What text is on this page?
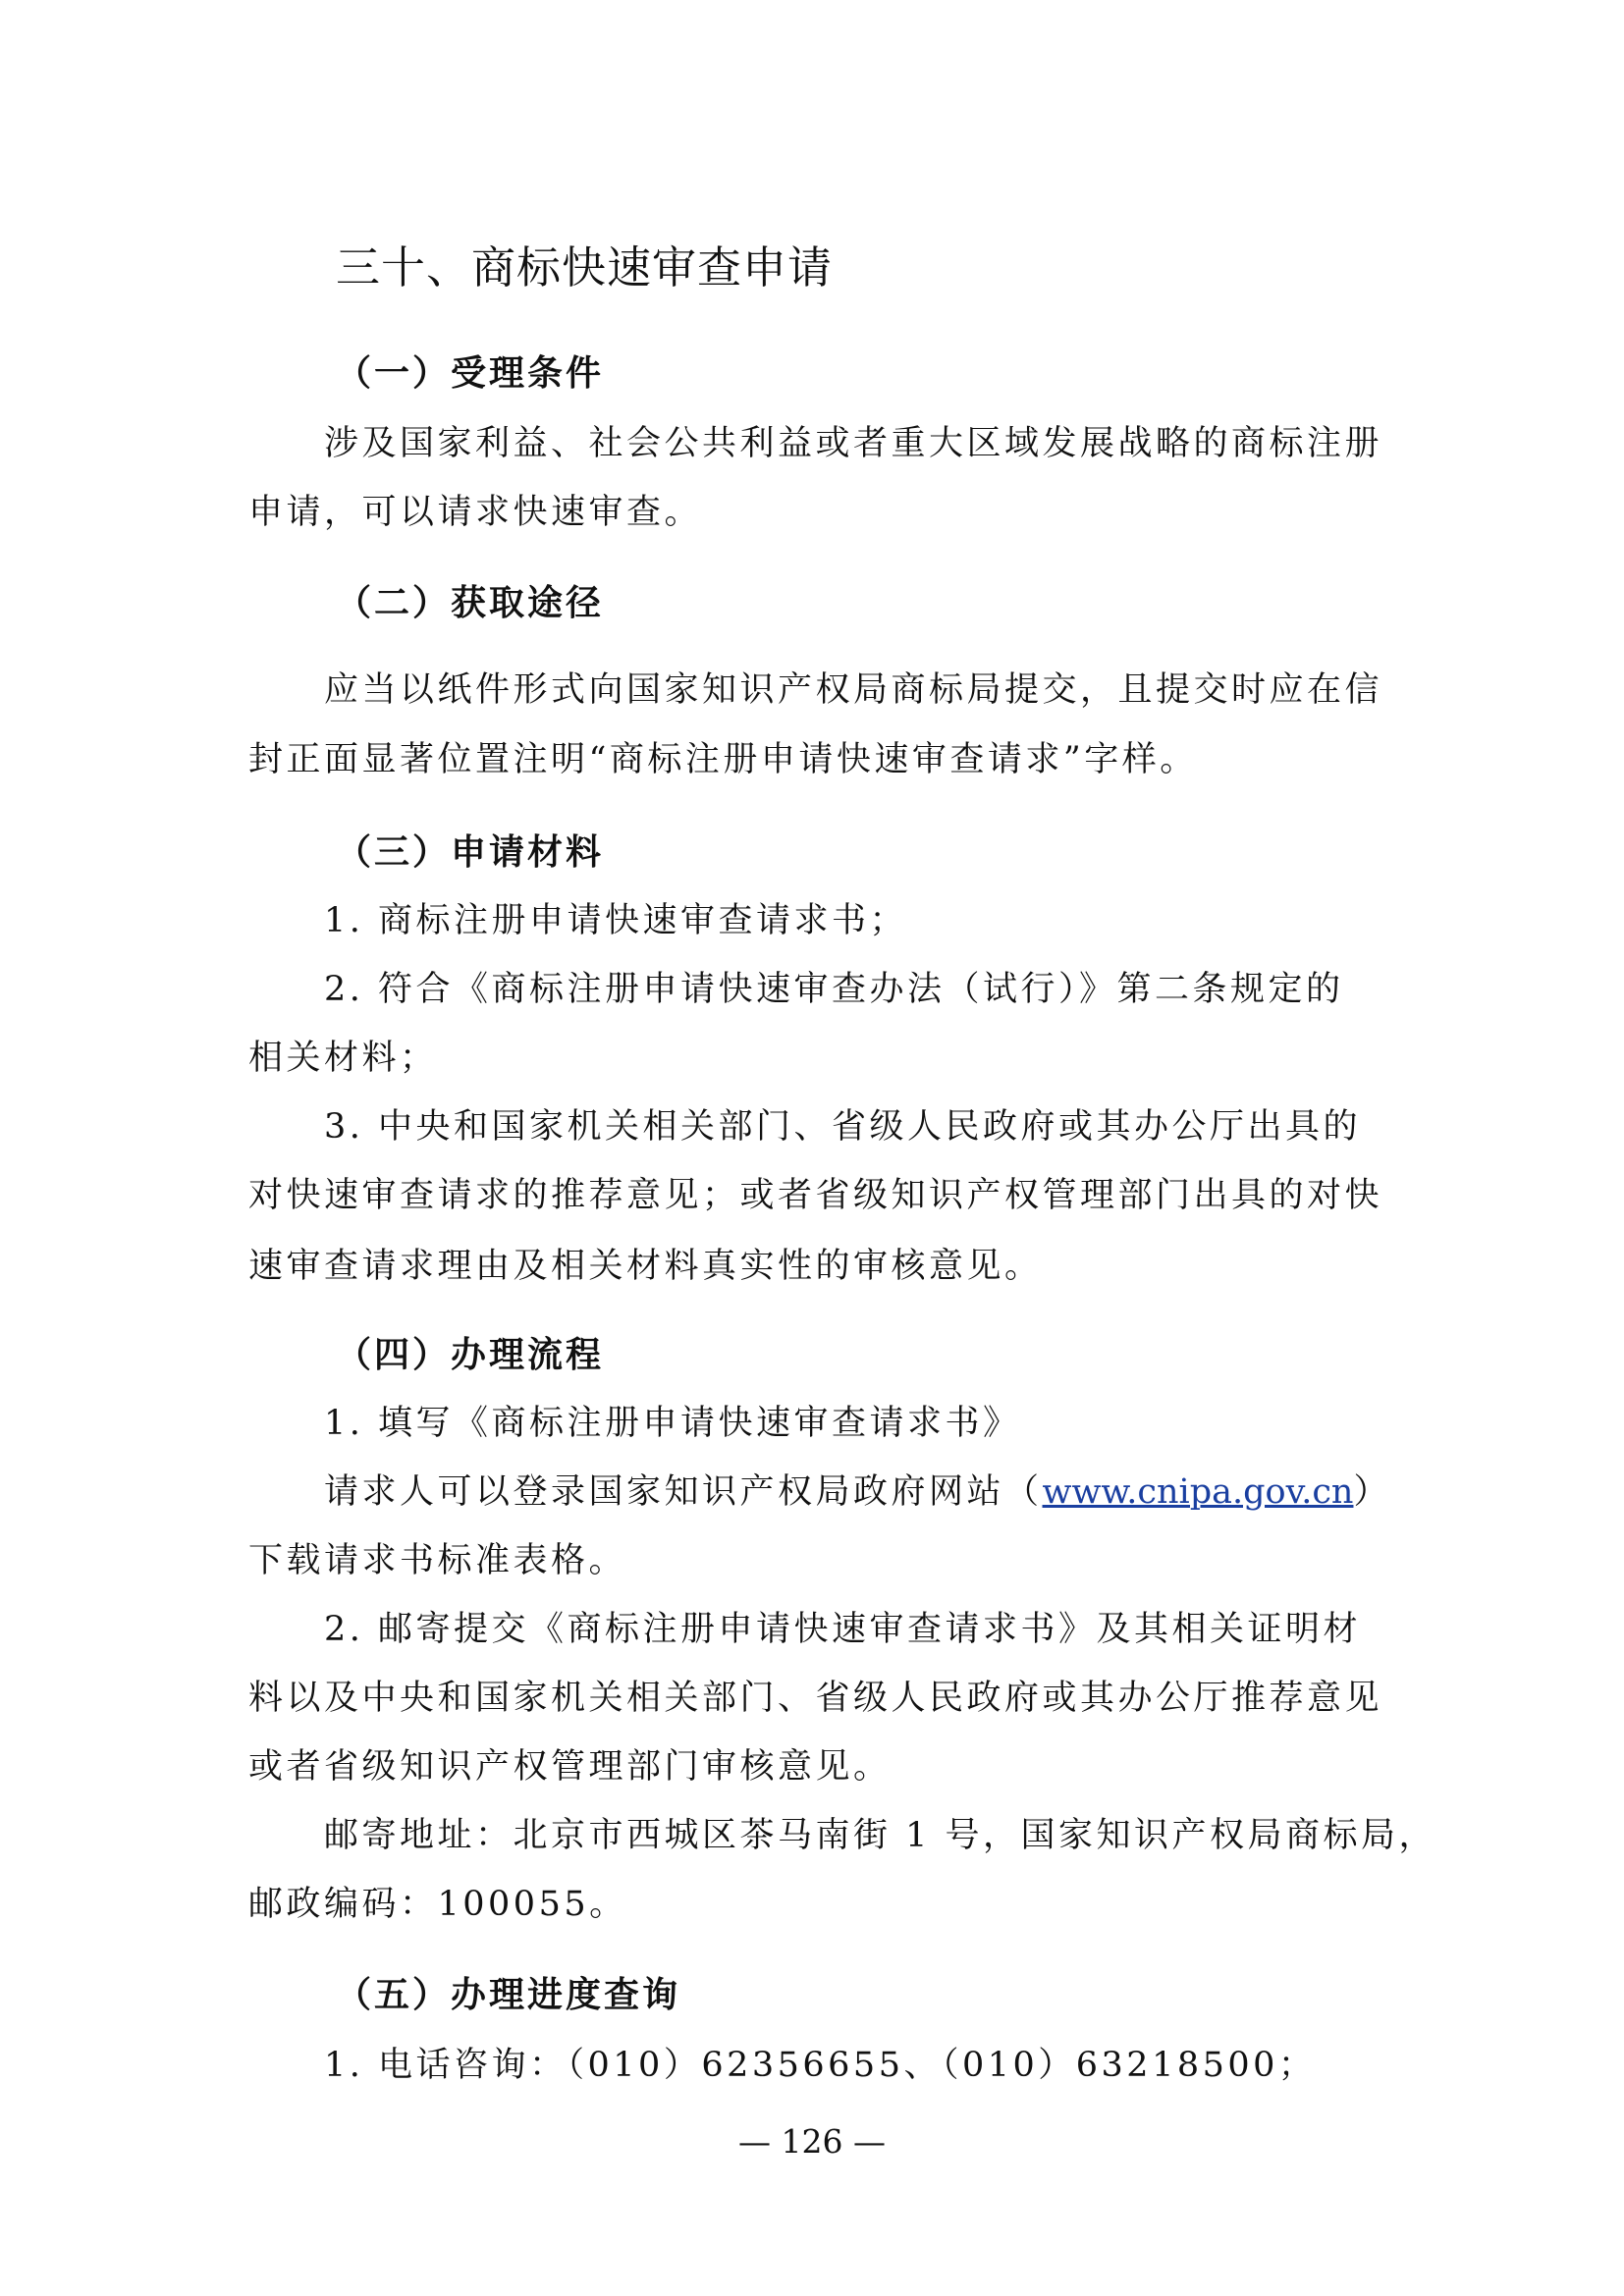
三十、商标快速审查申请
（一）受理条件
涉及国家利益、社会公共利益或者重大区域发展战略的商标注册
申请，可以请求快速审查。
（二）获取途径
应当以纸件形式向国家知识产权局商标局提交，且提交时应在信
封正面显著位置注明“商标注册申请快速审查请求”字样。
（三）申请材料
1. 商标注册申请快速审查请求书；
2. 符合《商标注册申请快速审查办法（试行）》第二条规定的
相关材料；
3. 中央和国家机关相关部门、省级人民政府或其办公厅出具的
对快速审查请求的推荐意见；或者省级知识产权管理部门出具的对快
速审查请求理由及相关材料真实性的审核意见。
（四）办理流程
1. 填写《商标注册申请快速审查请求书》
请求人可以登录国家知识产权局政府网站（www.cnipa.gov.cn）
下载请求书标准表格。
2. 邮寄提交《商标注册申请快速审查请求书》及其相关证明材
料以及中央和国家机关相关部门、省级人民政府或其办公厅推荐意见
或者省级知识产权管理部门审核意见。
邮寄地址：北京市西城区茶马南街 1 号，国家知识产权局商标局，
邮政编码：100055。
（五）办理进度查询
1. 电话咨询：（010）62356655、（010）63218500；
— 126 —
